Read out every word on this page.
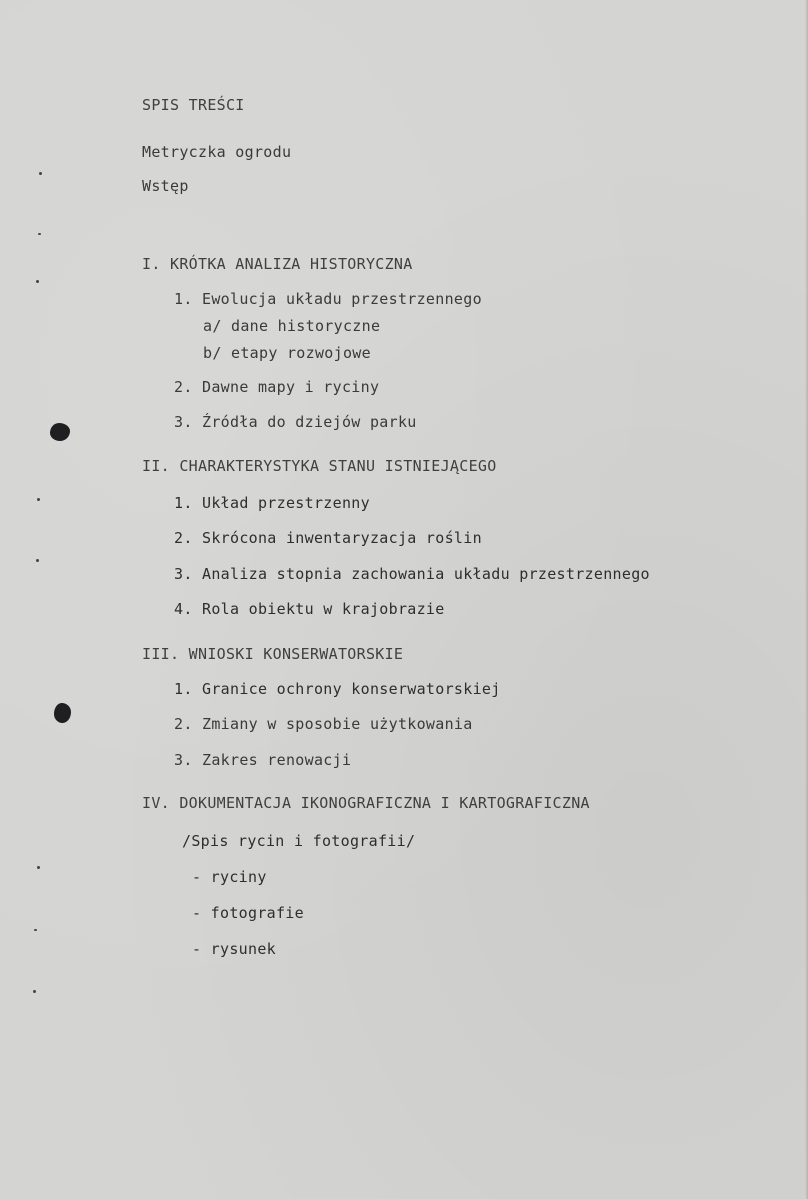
SPIS TREŚCI
Metryczka ogrodu
Wstęp
I. KRÓTKA ANALIZA HISTORYCZNA
1. Ewolucja układu przestrzennego
a/ dane historyczne
b/ etapy rozwojowe
2. Dawne mapy i ryciny
3. Źródła do dziejów parku
II. CHARAKTERYSTYKA STANU ISTNIEJĄCEGO
1. Układ przestrzenny
2. Skrócona inwentaryzacja roślin
3. Analiza stopnia zachowania układu przestrzennego
4. Rola obiektu w krajobrazie
III. WNIOSKI KONSERWATORSKIE
1. Granice ochrony konserwatorskiej
2. Zmiany w sposobie użytkowania
3. Zakres renowacji
IV. DOKUMENTACJA IKONOGRAFICZNA I KARTOGRAFICZNA
/Spis rycin i fotografii/
- ryciny
- fotografie
- rysunek
